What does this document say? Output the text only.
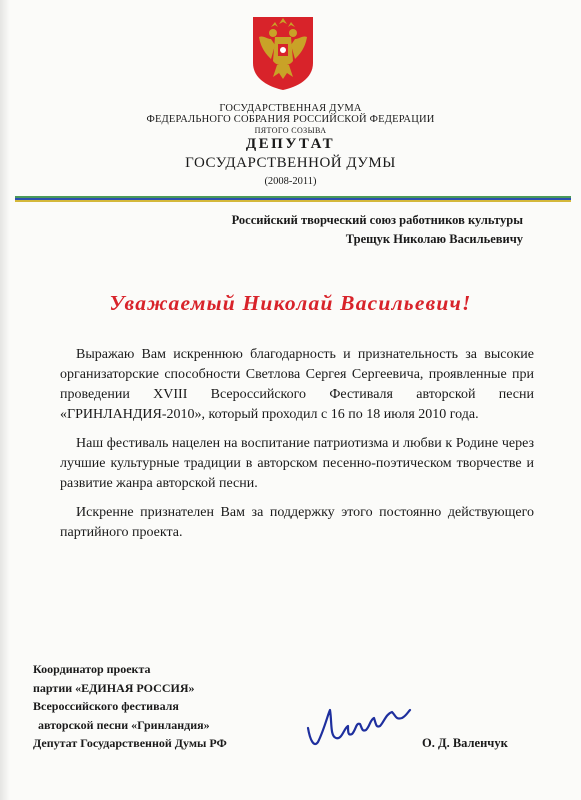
ГОСУДАРСТВЕННАЯ ДУМА
ФЕДЕРАЛЬНОГО СОБРАНИЯ РОССИЙСКОЙ ФЕДЕРАЦИИ
ПЯТОГО СОЗЫВА
ДЕПУТАТ
ГОСУДАРСТВЕННОЙ ДУМЫ
(2008-2011)
Российский творческий союз работников культуры
Трещук Николаю Васильевичу
Уважаемый Николай Васильевич!

Выражаю Вам искреннюю благодарность и признательность за высокие организаторские способности Светлова Сергея Сергеевича, проявленные при проведении XVIII Всероссийского Фестиваля авторской песни «ГРИНЛАНДИЯ-2010», который проходил с 16 по 18 июля 2010 года.

Наш фестиваль нацелен на воспитание патриотизма и любви к Родине через лучшие культурные традиции в авторском песенно-поэтическом творчестве и развитие жанра авторской песни.

Искренне признателен Вам за поддержку этого постоянно действующего партийного проекта.

Координатор проекта
партии «ЕДИНАЯ РОССИЯ»
Всероссийского фестиваля
авторской песни «Гринландия»
Депутат Государственной Думы РФ	О. Д. Валенчук
